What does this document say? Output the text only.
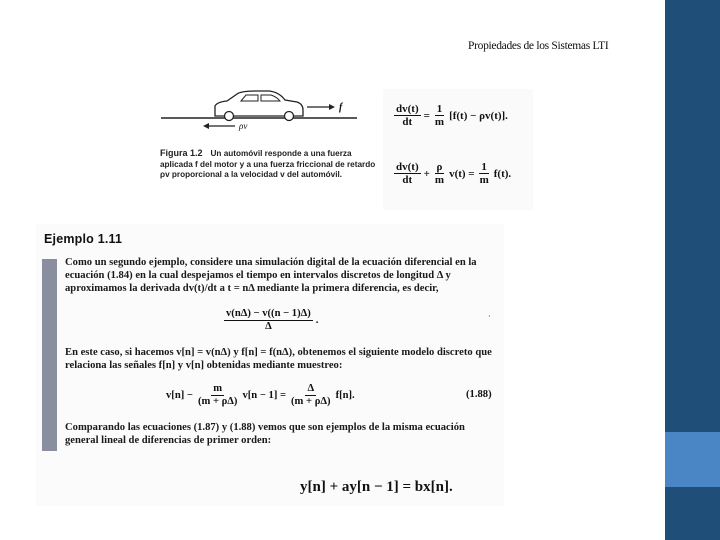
Propiedades de los Sistemas LTI
f
ρv
Figura 1.2 Un automóvil responde a una fuerza aplicada f del motor y a una fuerza friccional de retardo ρv proporcional a la velocidad v del automóvil.
$\frac{dv(t)}{dt} = \frac{1}{m} [f(t) - \rho v(t)]$.
$\frac{dv(t)}{dt} + \frac{\rho}{m} v(t) = \frac{1}{m} f(t)$.
Ejemplo 1.11
Como un segundo ejemplo, considere una simulación digital de la ecuación diferencial en la ecuación (1.84) en la cual despejamos el tiempo en intervalos discretos de longitud Δ y aproximamos la derivada dv(t)/dt a t = nΔ mediante la primera diferencia, es decir,
$\frac{v(n\Delta) - v((n - 1)\Delta)}{\Delta}$ .	·
En este caso, si hacemos v[n] = v(nΔ) y f[n] = f(nΔ), obtenemos el siguiente modelo discreto que relaciona las señales f[n] y v[n] obtenidas mediante muestreo:
$v[n] - \frac{m}{(m + \rho\Delta)} v[n - 1] = \frac{\Delta}{(m + \rho\Delta)} f[n]$.	(1.88)
Comparando las ecuaciones (1.87) y (1.88) vemos que son ejemplos de la misma ecuación general lineal de diferencias de primer orden:
y[n] + ay[n − 1] = bx[n].
